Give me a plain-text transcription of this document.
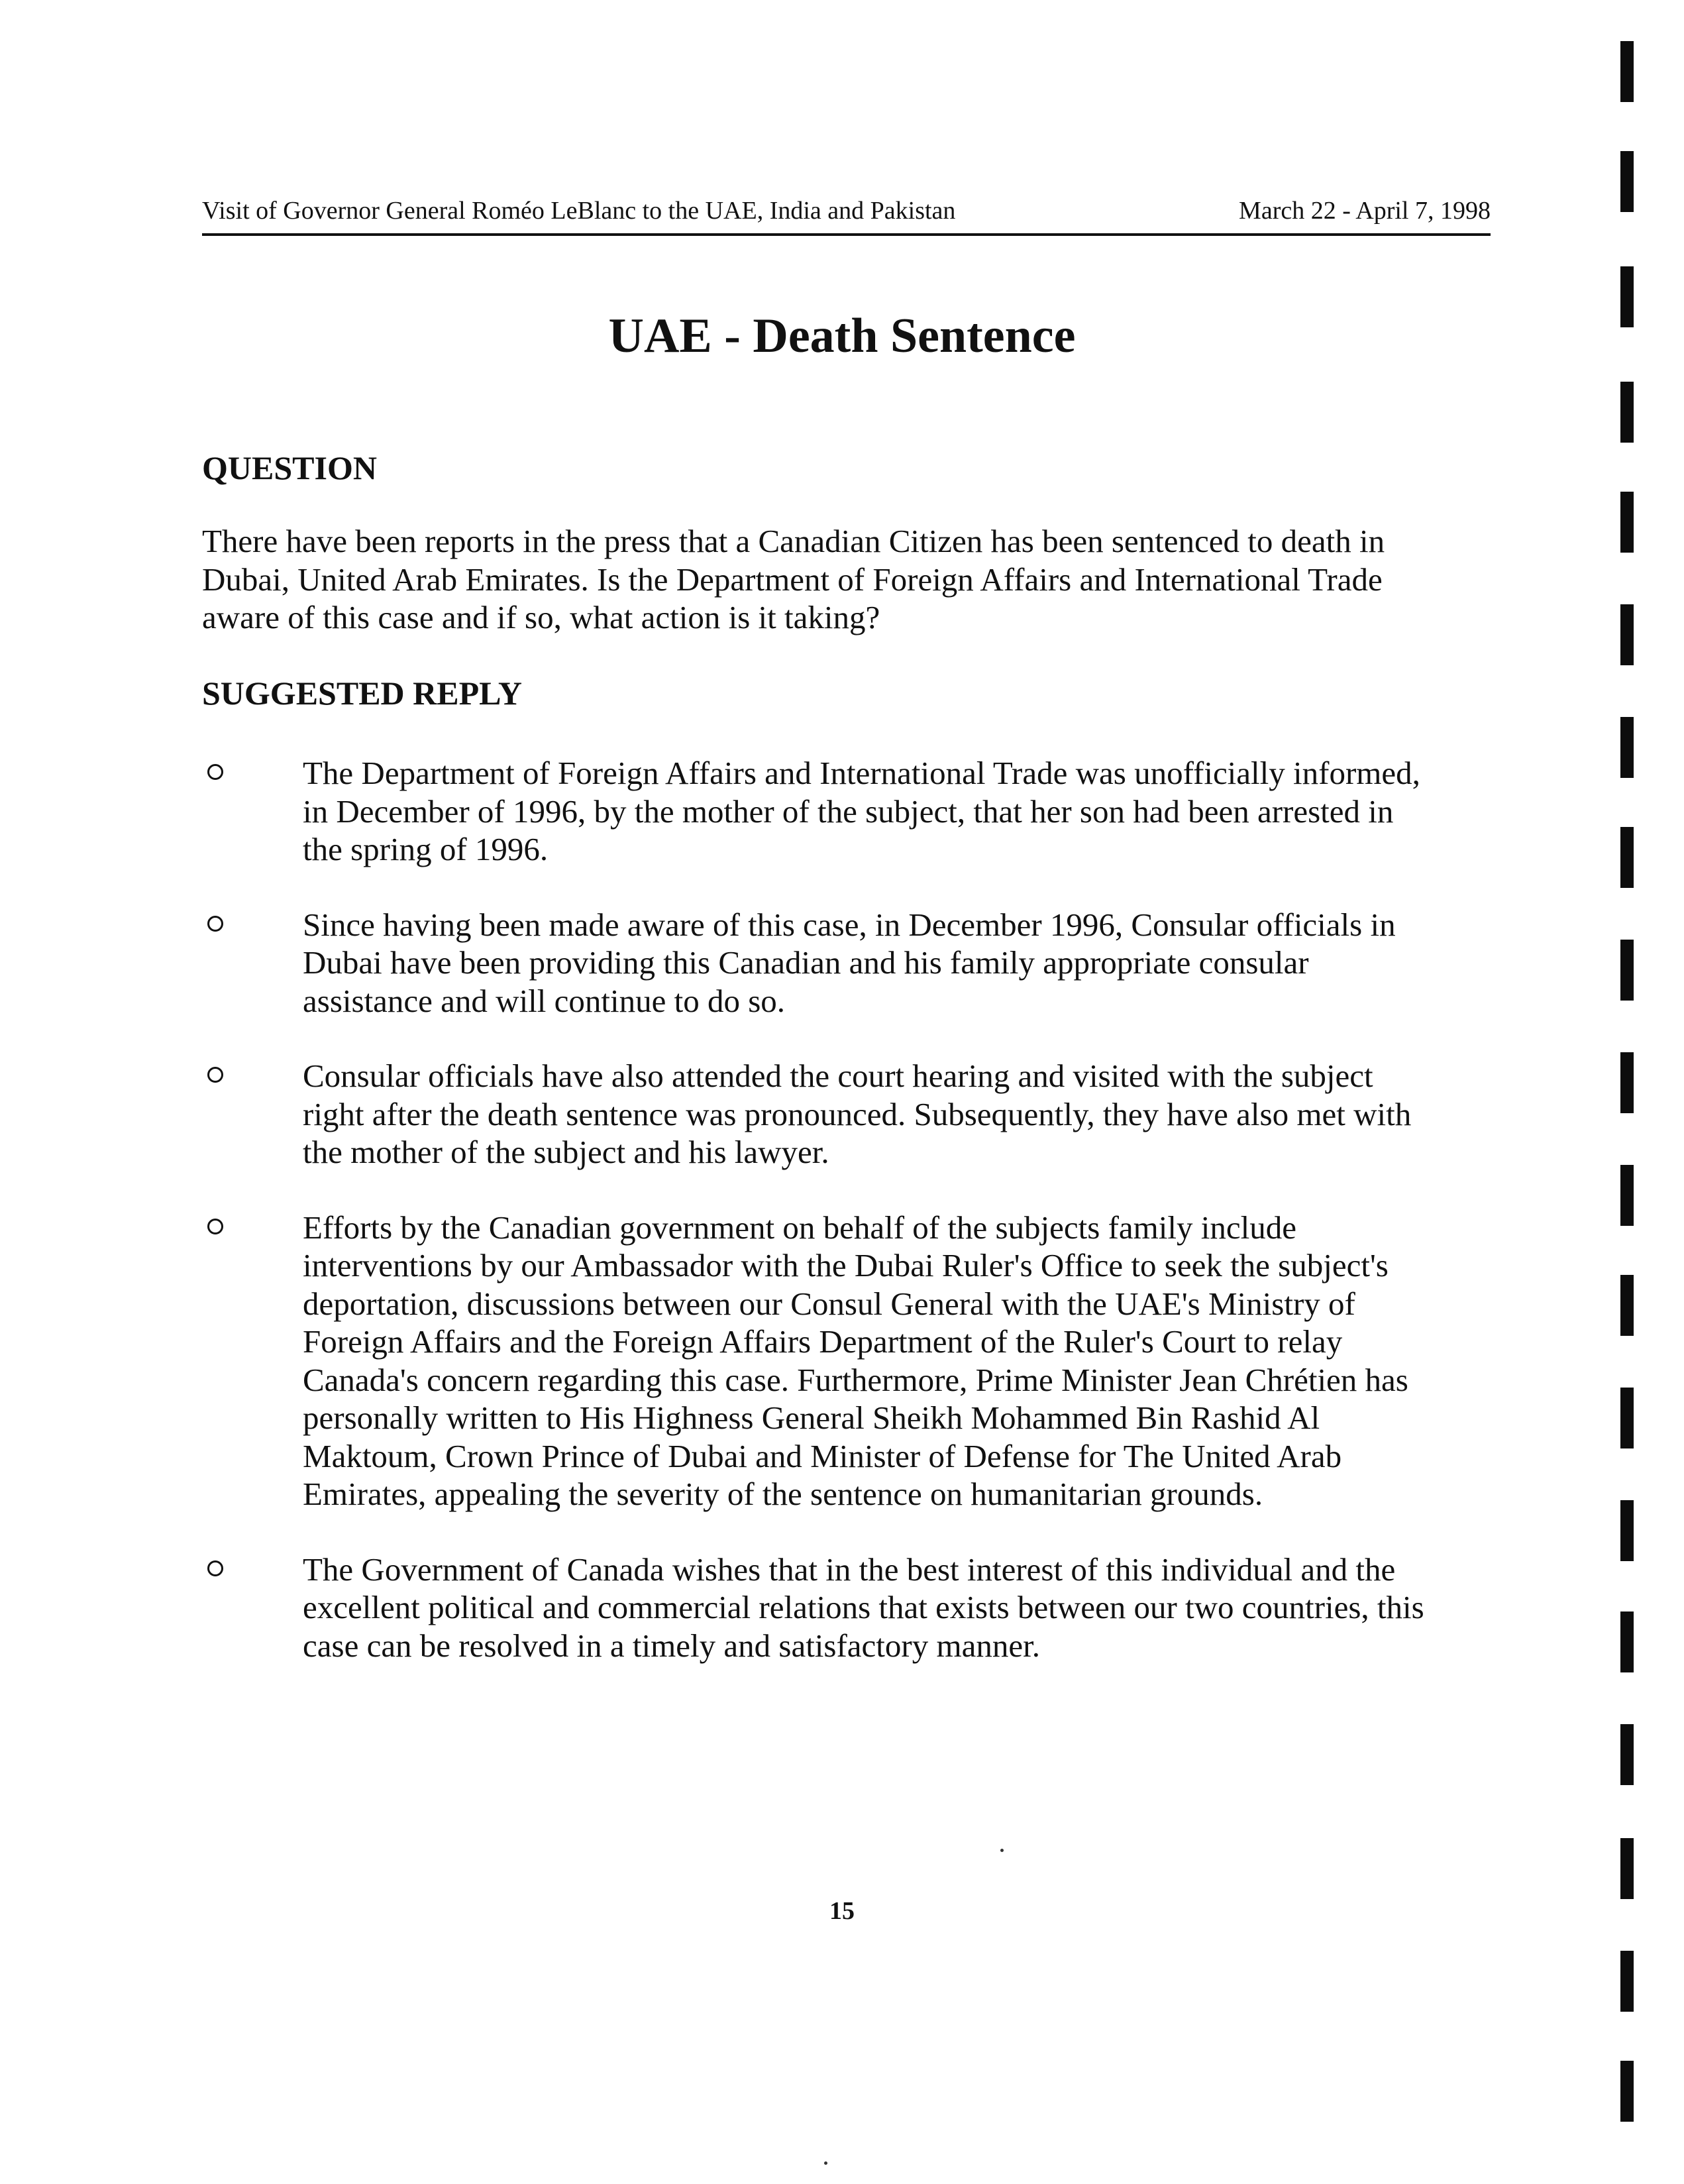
Visit of Governor General Roméo LeBlanc to the UAE, India and Pakistan	March 22 - April 7, 1998
UAE - Death Sentence
QUESTION
There have been reports in the press that a Canadian Citizen has been sentenced to death in
Dubai, United Arab Emirates. Is the Department of Foreign Affairs and International Trade
aware of this case and if so, what action is it taking?
SUGGESTED REPLY
The Department of Foreign Affairs and International Trade was unofficially informed,
in December of 1996, by the mother of the subject, that her son had been arrested in
the spring of 1996.
Since having been made aware of this case, in December 1996, Consular officials in
Dubai have been providing this Canadian and his family appropriate consular
assistance and will continue to do so.
Consular officials have also attended the court hearing and visited with the subject
right after the death sentence was pronounced. Subsequently, they have also met with
the mother of the subject and his lawyer.
Efforts by the Canadian government on behalf of the subjects family include
interventions by our Ambassador with the Dubai Ruler's Office to seek the subject's
deportation, discussions between our Consul General with the UAE's Ministry of
Foreign Affairs and the Foreign Affairs Department of the Ruler's Court to relay
Canada's concern regarding this case. Furthermore, Prime Minister Jean Chrétien has
personally written to His Highness General Sheikh Mohammed Bin Rashid Al
Maktoum, Crown Prince of Dubai and Minister of Defense for The United Arab
Emirates, appealing the severity of the sentence on humanitarian grounds.
The Government of Canada wishes that in the best interest of this individual and the
excellent political and commercial relations that exists between our two countries, this
case can be resolved in a timely and satisfactory manner.
15
